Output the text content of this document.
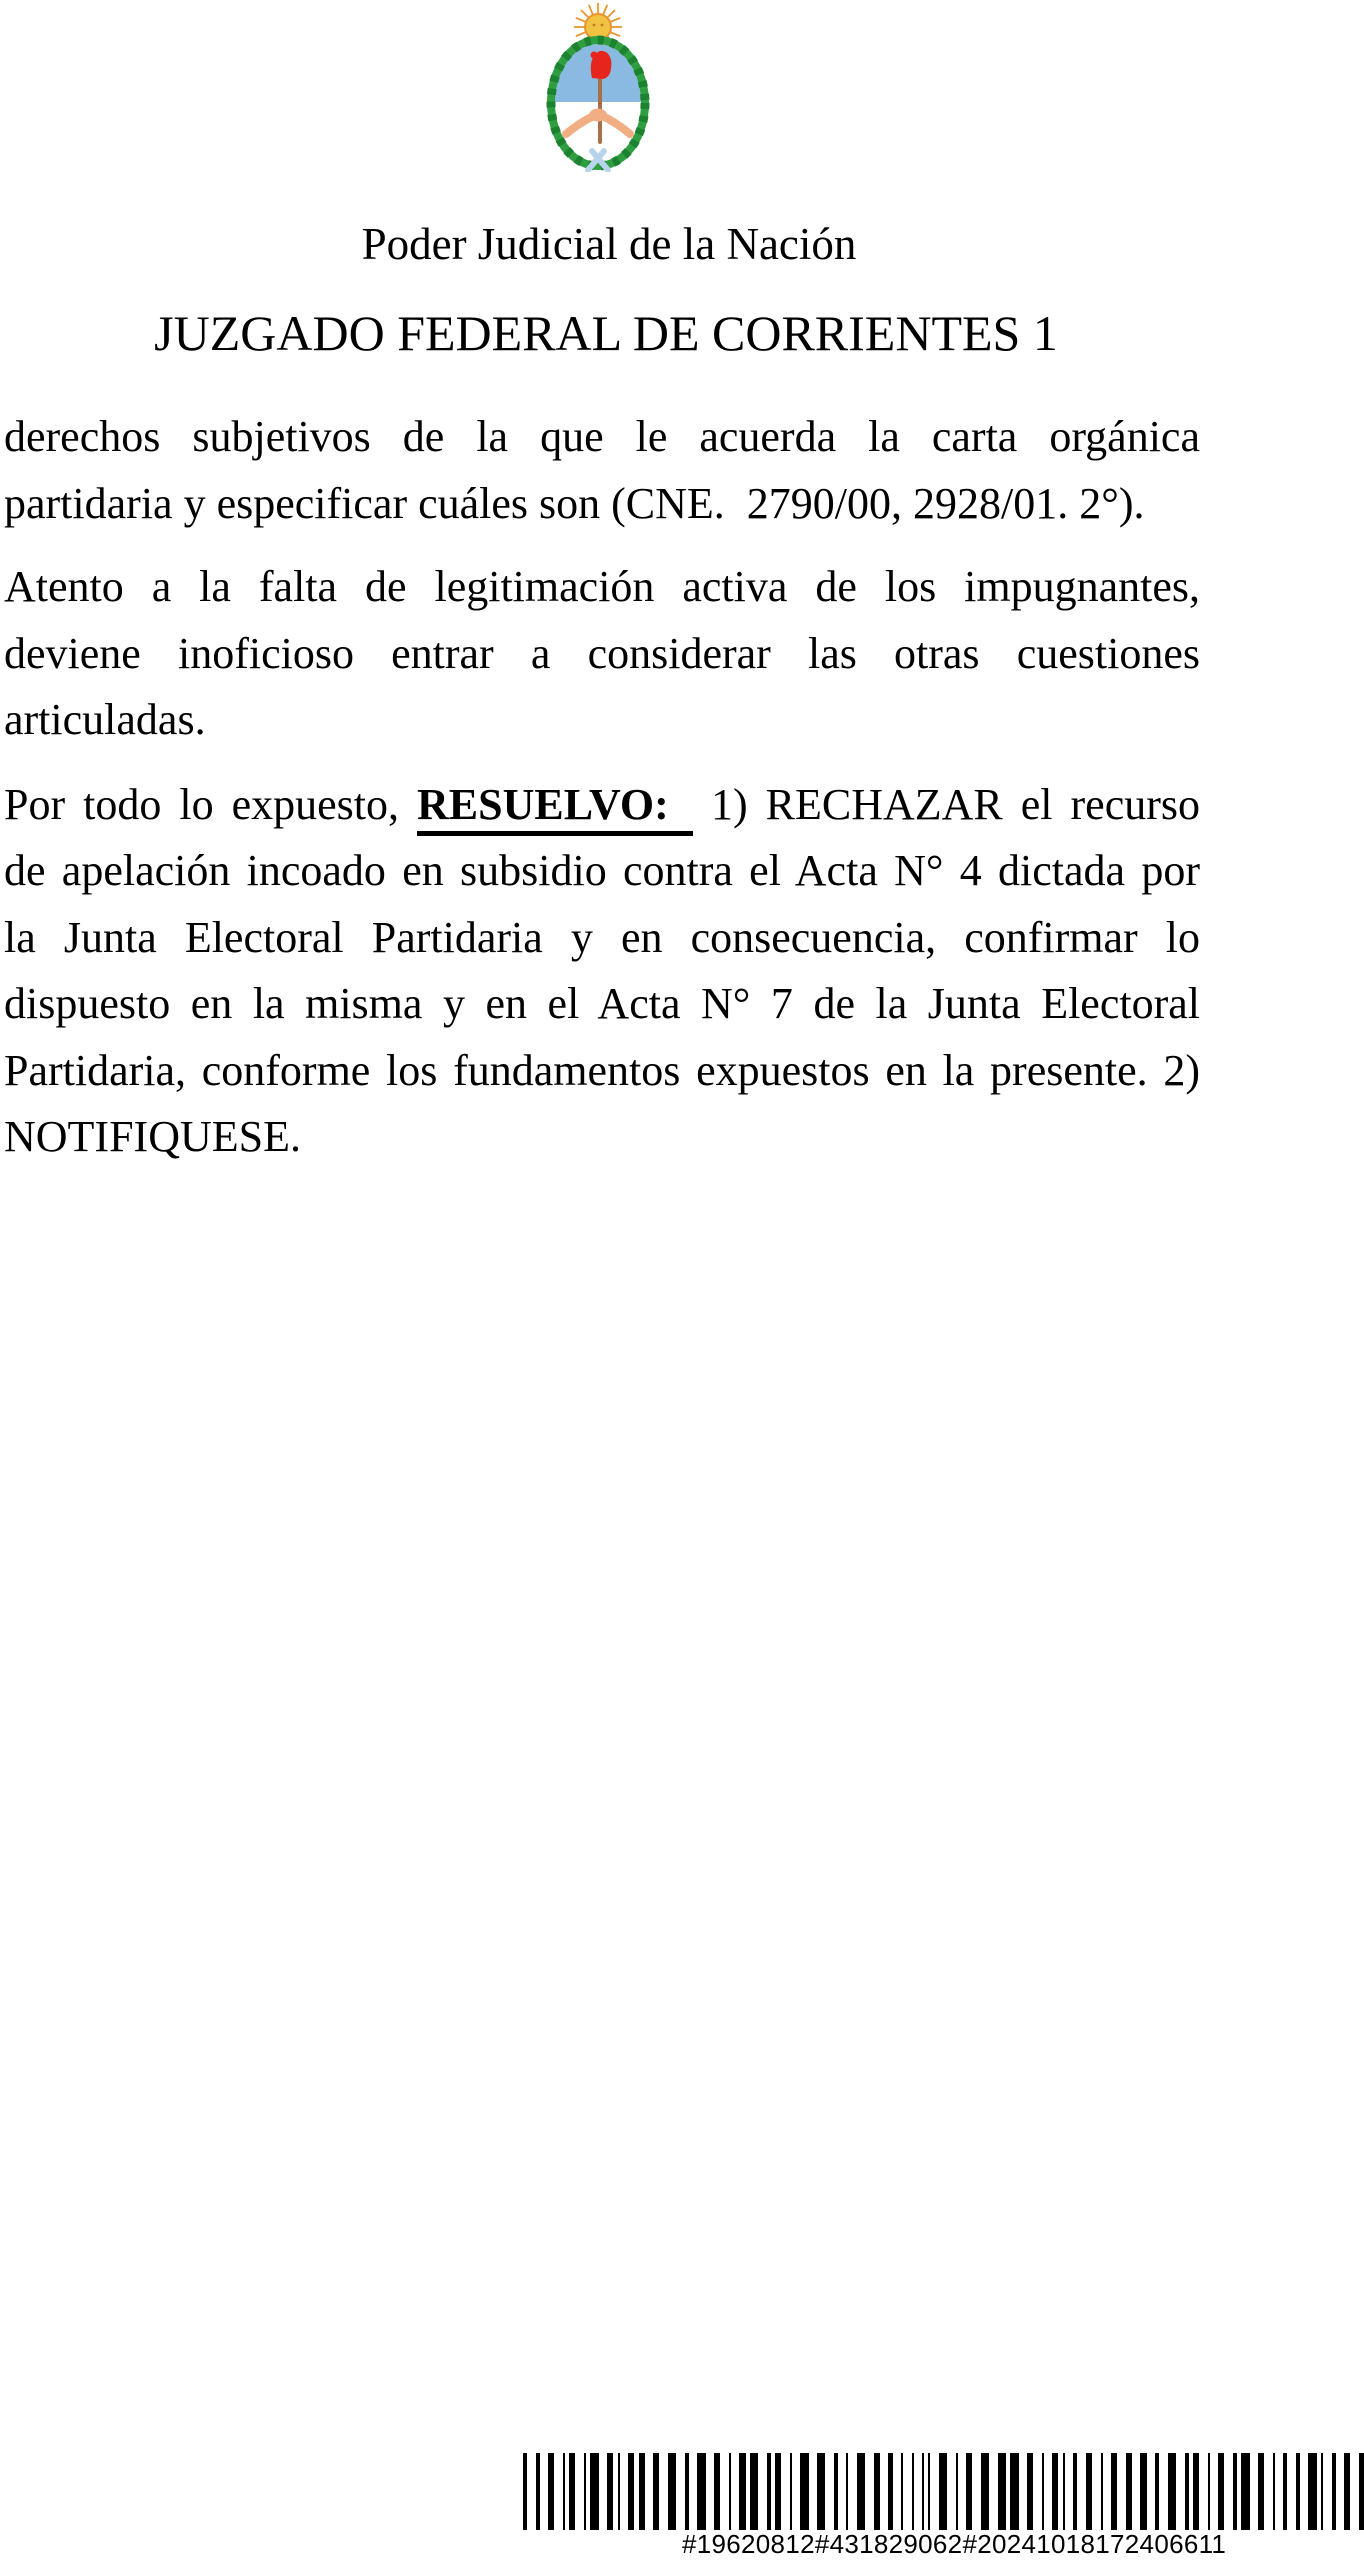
Poder Judicial de la Nación
JUZGADO FEDERAL DE CORRIENTES 1
derechos subjetivos de la que le acuerda la carta orgánica
partidaria y especificar cuáles son (CNE.  2790/00, 2928/01. 2°).
Atento a la falta de legitimación activa de los impugnantes,
deviene inoficioso entrar a considerar las otras cuestiones
articuladas.
Por todo lo expuesto, RESUELVO: 1) RECHAZAR el recurso
de apelación incoado en subsidio contra el Acta N° 4 dictada por
la Junta Electoral Partidaria y en consecuencia, confirmar lo
dispuesto en la misma y en el Acta N° 7 de la Junta Electoral
Partidaria, conforme los fundamentos expuestos en la presente. 2)
NOTIFIQUESE.
#19620812#431829062#20241018172406611
